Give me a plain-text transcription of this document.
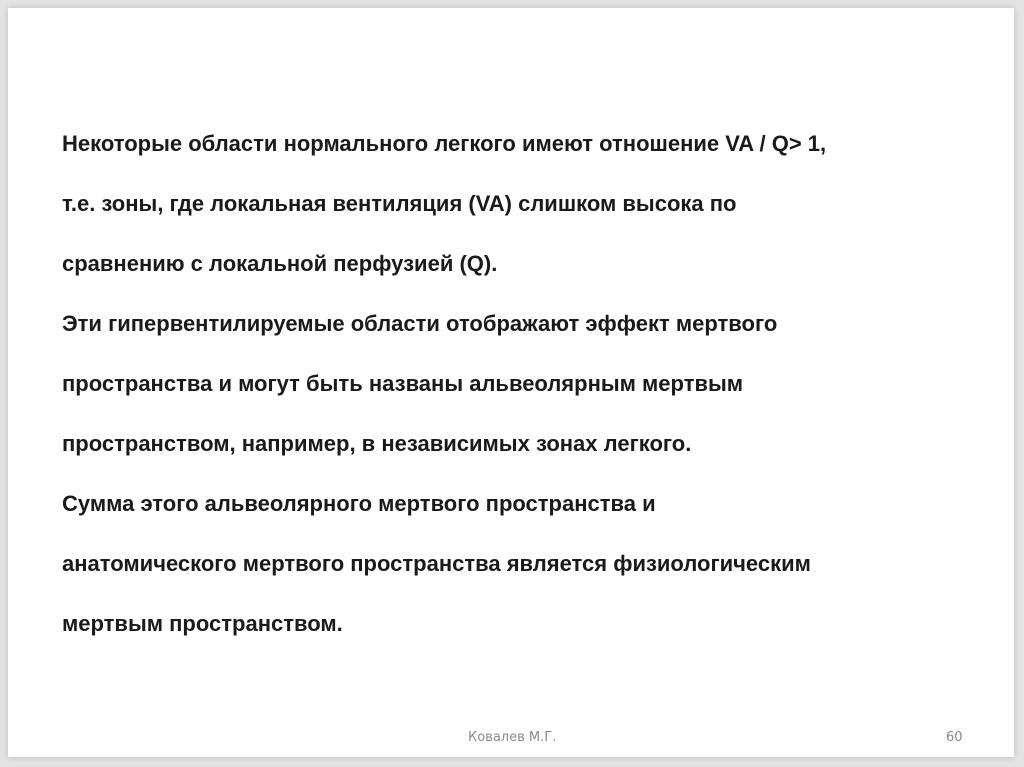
Некоторые области нормального легкого имеют отношение VA / Q> 1,
т.е. зоны, где локальная вентиляция (VA) слишком высока по
сравнению с локальной перфузией (Q).
Эти гипервентилируемые области отображают эффект мертвого
пространства и могут быть названы альвеолярным мертвым
пространством, например, в независимых зонах легкого.
Сумма этого альвеолярного мертвого пространства и
анатомического мертвого пространства является физиологическим
мертвым пространством.
Ковалев М.Г.	60
